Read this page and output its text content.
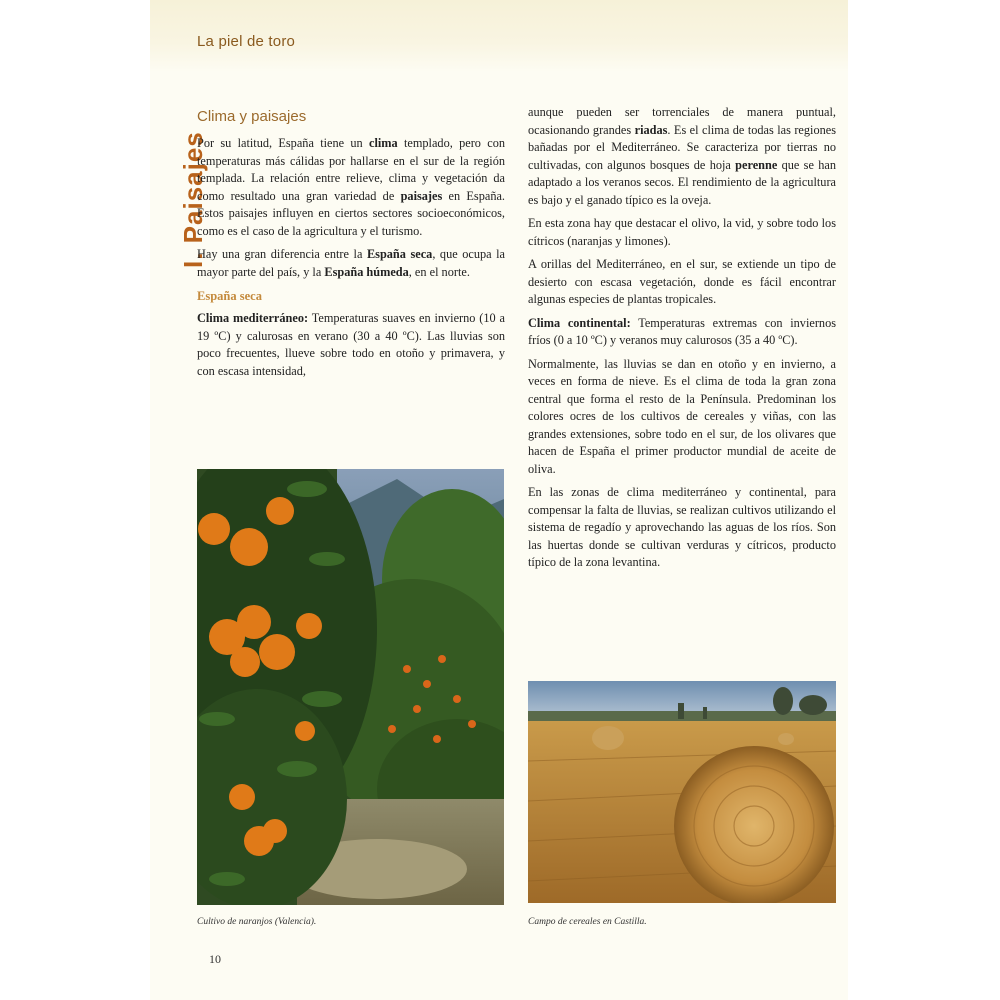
La piel de toro
I. Paisajes
Clima y paisajes

Por su latitud, España tiene un clima templado, pero con temperaturas más cálidas por hallarse en el sur de la región templada. La relación entre relieve, clima y vegetación da como resultado una gran variedad de paisajes en España. Estos paisajes influyen en ciertos sectores socioeconómicos, como es el caso de la agricultura y el turismo.

Hay una gran diferencia entre la España seca, que ocupa la mayor parte del país, y la España húmeda, en el norte.

España seca

Clima mediterráneo: Temperaturas suaves en invierno (10 a 19 ºC) y calurosas en verano (30 a 40 ºC). Las lluvias son poco frecuentes, llueve sobre todo en otoño y primavera, y con escasa intensidad,

aunque pueden ser torrenciales de manera puntual, ocasionando grandes riadas. Es el clima de todas las regiones bañadas por el Mediterráneo. Se caracteriza por tierras no cultivadas, con algunos bosques de hoja perenne que se han adaptado a los veranos secos. El rendimiento de la agricultura es bajo y el ganado típico es la oveja.

En esta zona hay que destacar el olivo, la vid, y sobre todo los cítricos (naranjas y limones).

A orillas del Mediterráneo, en el sur, se extiende un tipo de desierto con escasa vegetación, donde es fácil encontrar algunas especies de plantas tropicales.

Clima continental: Temperaturas extremas con inviernos fríos (0 a 10 ºC) y veranos muy calurosos (35 a 40 ºC).

Normalmente, las lluvias se dan en otoño y en invierno, a veces en forma de nieve. Es el clima de toda la gran zona central que forma el resto de la Península. Predominan los colores ocres de los cultivos de cereales y viñas, con las grandes extensiones, sobre todo en el sur, de los olivares que hacen de España el primer productor mundial de aceite de oliva.

En las zonas de clima mediterráneo y continental, para compensar la falta de lluvias, se realizan cultivos utilizando el sistema de regadío y aprovechando las aguas de los ríos. Son las huertas donde se cultivan verduras y cítricos, producto típico de la zona levantina.

Cultivo de naranjos (Valencia).	Campo de cereales en Castilla.
10
